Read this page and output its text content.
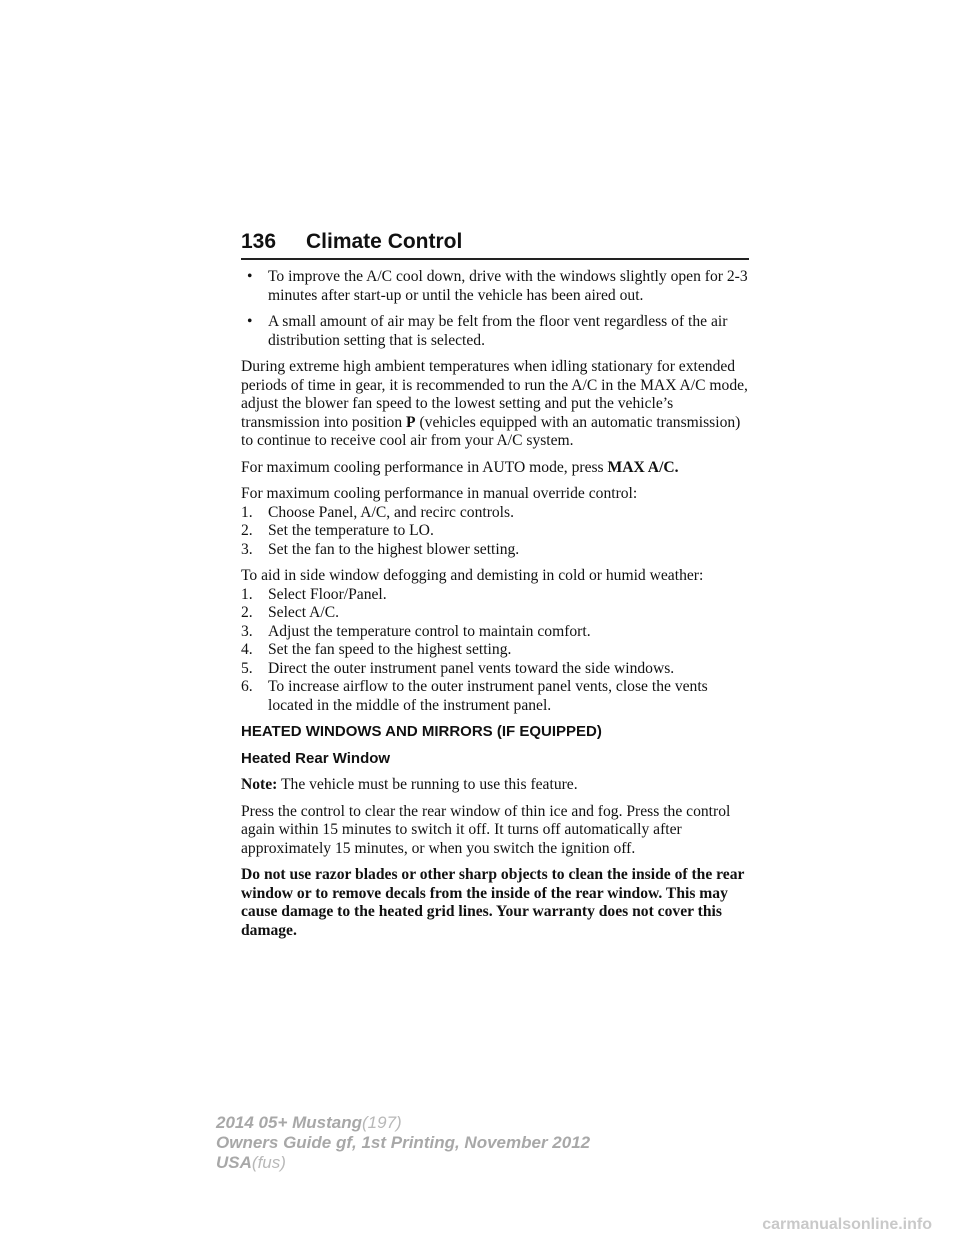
136 Climate Control
• To improve the A/C cool down, drive with the windows slightly open for 2-3 minutes after start-up or until the vehicle has been aired out.
• A small amount of air may be felt from the floor vent regardless of the air distribution setting that is selected.

During extreme high ambient temperatures when idling stationary for extended periods of time in gear, it is recommended to run the A/C in the MAX A/C mode, adjust the blower fan speed to the lowest setting and put the vehicle’s transmission into position P (vehicles equipped with an automatic transmission) to continue to receive cool air from your A/C system.

For maximum cooling performance in AUTO mode, press MAX A/C.

For maximum cooling performance in manual override control:
1. Choose Panel, A/C, and recirc controls.
2. Set the temperature to LO.
3. Set the fan to the highest blower setting.
To aid in side window defogging and demisting in cold or humid weather:
1. Select Floor/Panel.
2. Select A/C.
3. Adjust the temperature control to maintain comfort.
4. Set the fan speed to the highest setting.
5. Direct the outer instrument panel vents toward the side windows.
6. To increase airflow to the outer instrument panel vents, close the vents located in the middle of the instrument panel.
HEATED WINDOWS AND MIRRORS (IF EQUIPPED)
Heated Rear Window

Note: The vehicle must be running to use this feature.

Press the control to clear the rear window of thin ice and fog. Press the control again within 15 minutes to switch it off. It turns off automatically after approximately 15 minutes, or when you switch the ignition off.

Do not use razor blades or other sharp objects to clean the inside of the rear window or to remove decals from the inside of the rear window. This may cause damage to the heated grid lines. Your warranty does not cover this damage.

2014 05+ Mustang(197)
Owners Guide gf, 1st Printing, November 2012
USA(fus)
carmanualsonline.info
